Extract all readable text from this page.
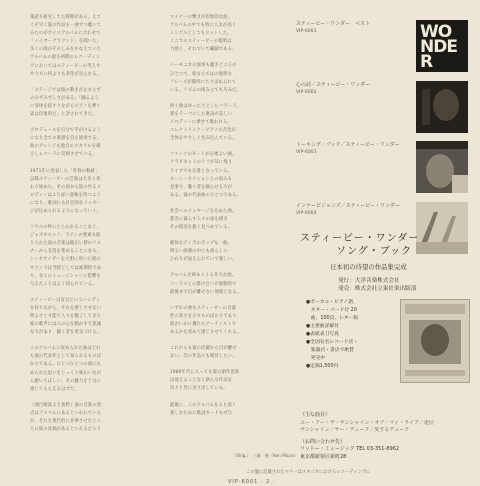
蒐読も研究してた時期がある。えて
こそ早く彼の作品を一曲ずつ聴いて
みたのがボイスアルバムに合わせて
「ハイヤーグラウンド」を聞いた。
多くの曲がそのしみをかなえていた
アルバムの最も初期のレコーディン
グにおいてはスティービーの考えや
やり方に何よりも変化が見られる。
「ステージでは彼の動きが止まらず
のみずみずしさがある」「踊るよう
に身体を揺すりながらピアノを弾く
姿は印象的だ」と評されてきた。
プロデュースを自分で手がけるよう
になり全ての楽器を自ら演奏する。
曲のアレンジも独自のスタイルを確
立しレコードに反映させている。
1971年に発表した「青春の軌跡」
以降スティービーの音楽は大きく変
わり始めた。その頃から彼の作るメ
ロディーはより深い意味を持つよう
になり、歌詞にも社会的なメッセー
ジが込められるようになっていく。
ソウルの枠にとらわれることなく、
ジャズやロック、ラテンの要素も取
り入れた彼の音楽は幅広い層のリス
ナーから支持を集めることになる。
シンセサイザーを大胆に用いた彼の
サウンドは当時としては画期的であ
り、多くのミュージシャンに影響を
与えたことはよく知られている。
スティービーは盲目というハンディ
を持ちながら、それを感じさせない
明るさと才能で人々を魅了してきた
彼の歌声には人の心を動かす不思議
な力があり、聴く者を勇気づける。
このアルバムに収められた曲はどれ
も彼の代表作として知られるものば
かりである。ひとつひとつの曲に込
められた思いをじっくり味わいなが
ら聴いてほしい。その魅力を十分に
感じてもらえるはずだ。
（曲目解説より抜粋）彼の音楽の原
点はゴスペルにあるといわれている
が、それを現代的に昇華させたとこ
ろに彼の真価があるといえるだろう
マイナーの響きが印象的な曲。
アルバムの中でも特に人気が高く
シングルとしてもヒットした。
ここでのスティービーの歌唱は
力強く、それでいて繊細である。
ハーモニカの演奏も聴きどころの
ひとつで、彼ならではの独特な
フレーズが随所にちりばめられて
いる。リズムの組み立ても巧みだ。
続く曲はゆったりとしたバラード。
愛をテーマにした歌詞が美しい
メロディーに乗せて歌われる。
エレクトリック・ピアノの音色が
全体をやさしく包み込んでいる。
ファンクのビートが心地よい曲。
クラビネットのリフが耳に残り
ライブでも定番となっている。
ホーン・セクションとの絡みも
見事で、聴く者を踊らせる力が
ある。彼の代表曲のひとつである。
社会へのメッセージを込めた曲。
都会に暮らす人々の姿を描き
その現実を鋭く見つめている。
軽快なテンポのポップな一曲。
明るい曲調の中にも彼らしい
ひねりが加えられていて楽しい。
アルバムを締めくくる壮大な曲。
コーラスとの掛け合いが感動的で
最後まで目が離せない展開となる。
いずれの曲もスティービーの音楽
性の高さを示すものばかりであり、
彼がいかに優れたアーティストで
あるかを改めて感じさせてくれる。
これからも彼の活躍から目が離せ
ない。次の作品にも期待したい。
1980年代に入っても彼の創作意欲
は衰えることなく新たな作品を
次々と世に送り出している。
最後に、このアルバムをより深く
楽しむために歌詞カードもぜひ
スティービー・ワンダー　ベスト
VIP-6001	WO
NDE
R
心の詩／スティービー・ワンダー
VIP-6002
トーキング・ブック／スティービー・ワンダー
VIP-6003
インナービジョンズ／スティービー・ワンダー
VIP-6004
スティービー・ワンダー
ソング・ブック
日本初の待望の作品集完成
発行：大洋音楽株式会社
発売：株式会社立東社楽出版部
●ボーカル・ピアノ譜、
　ギター・コード付 20
　曲、100頁、レター版
●主要曲詳解付
●表紙表刀写真
●全国有名レコード店・
　楽器店・書店で絶賛
　発売中
●定価1,500円
《主な曲目》
ユー・アー・ザ・サンシャイン・オブ・マイ・ライフ／迷信
サンシャイン／サー・デューク／愛するデューク
（お問い合わせ先）
リットー・ミュージック TEL 03-351-8962
東京都新宿区新町28
（Shig.） 三浦　進（Ken Miura）
この盤に記載されたマナーはスタジオにおけるレコーディングに
VIP-6001 · 2 ·
